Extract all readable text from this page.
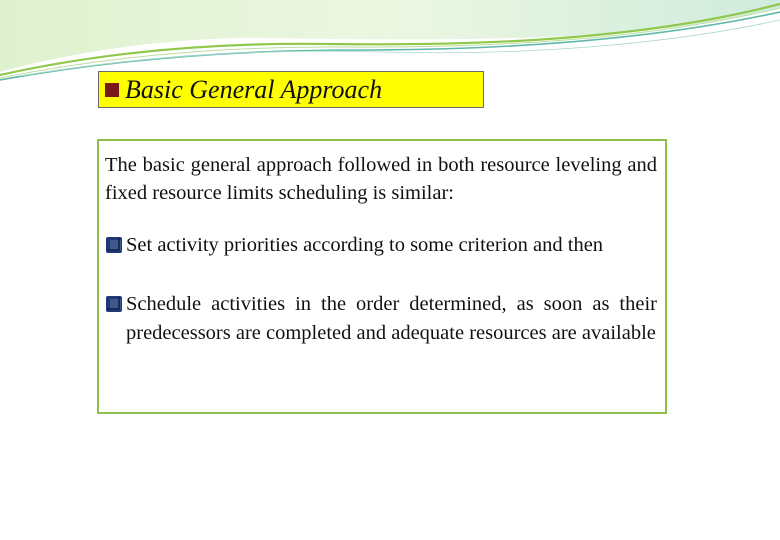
Basic General Approach

The basic general approach followed in both resource leveling and fixed resource limits scheduling is similar:

Set activity priorities according to some criterion and then

Schedule activities in the order determined, as soon as their predecessors are completed and adequate resources are available
